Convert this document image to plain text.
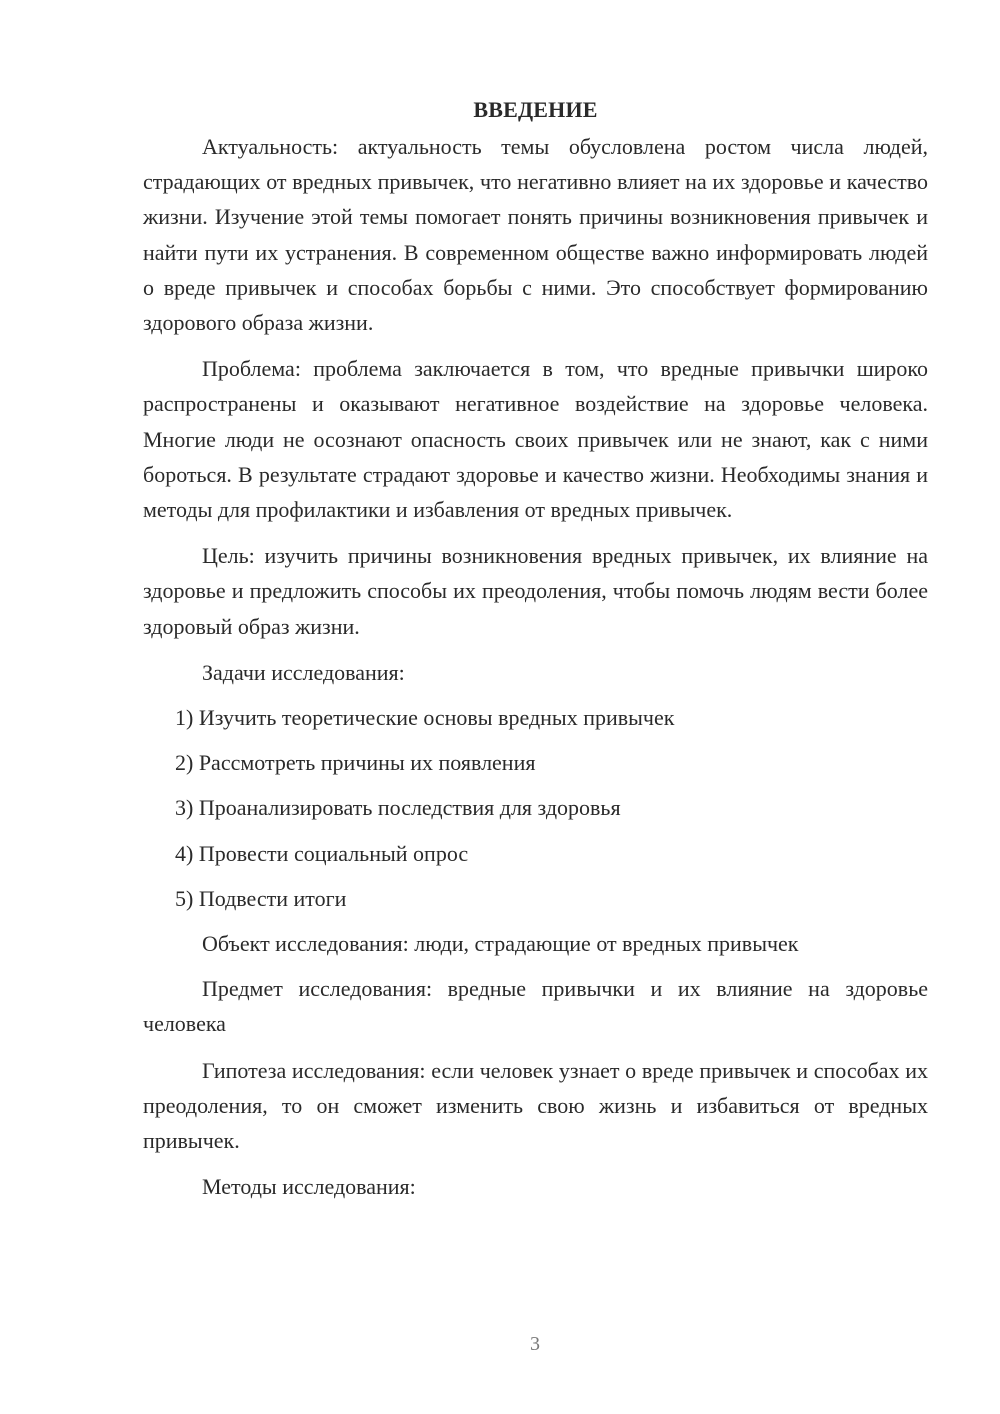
ВВЕДЕНИЕ

Актуальность: актуальность темы обусловлена ростом числа людей, страдающих от вредных привычек, что негативно влияет на их здоровье и качество жизни. Изучение этой темы помогает понять причины возникновения привычек и найти пути их устранения. В современном обществе важно информировать людей о вреде привычек и способах борьбы с ними. Это способствует формированию здорового образа жизни.

Проблема: проблема заключается в том, что вредные привычки широко распространены и оказывают негативное воздействие на здоровье человека. Многие люди не осознают опасность своих привычек или не знают, как с ними бороться. В результате страдают здоровье и качество жизни. Необходимы знания и методы для профилактики и избавления от вредных привычек.

Цель: изучить причины возникновения вредных привычек, их влияние на здоровье и предложить способы их преодоления, чтобы помочь людям вести более здоровый образ жизни.

Задачи исследования:

1) Изучить теоретические основы вредных привычек

2) Рассмотреть причины их появления

3) Проанализировать последствия для здоровья

4) Провести социальный опрос

5) Подвести итоги

Объект исследования: люди, страдающие от вредных привычек

Предмет исследования: вредные привычки и их влияние на здоровье человека

Гипотеза исследования: если человек узнает о вреде привычек и способах их преодоления, то он сможет изменить свою жизнь и избавиться от вредных привычек.

Методы исследования:

3
